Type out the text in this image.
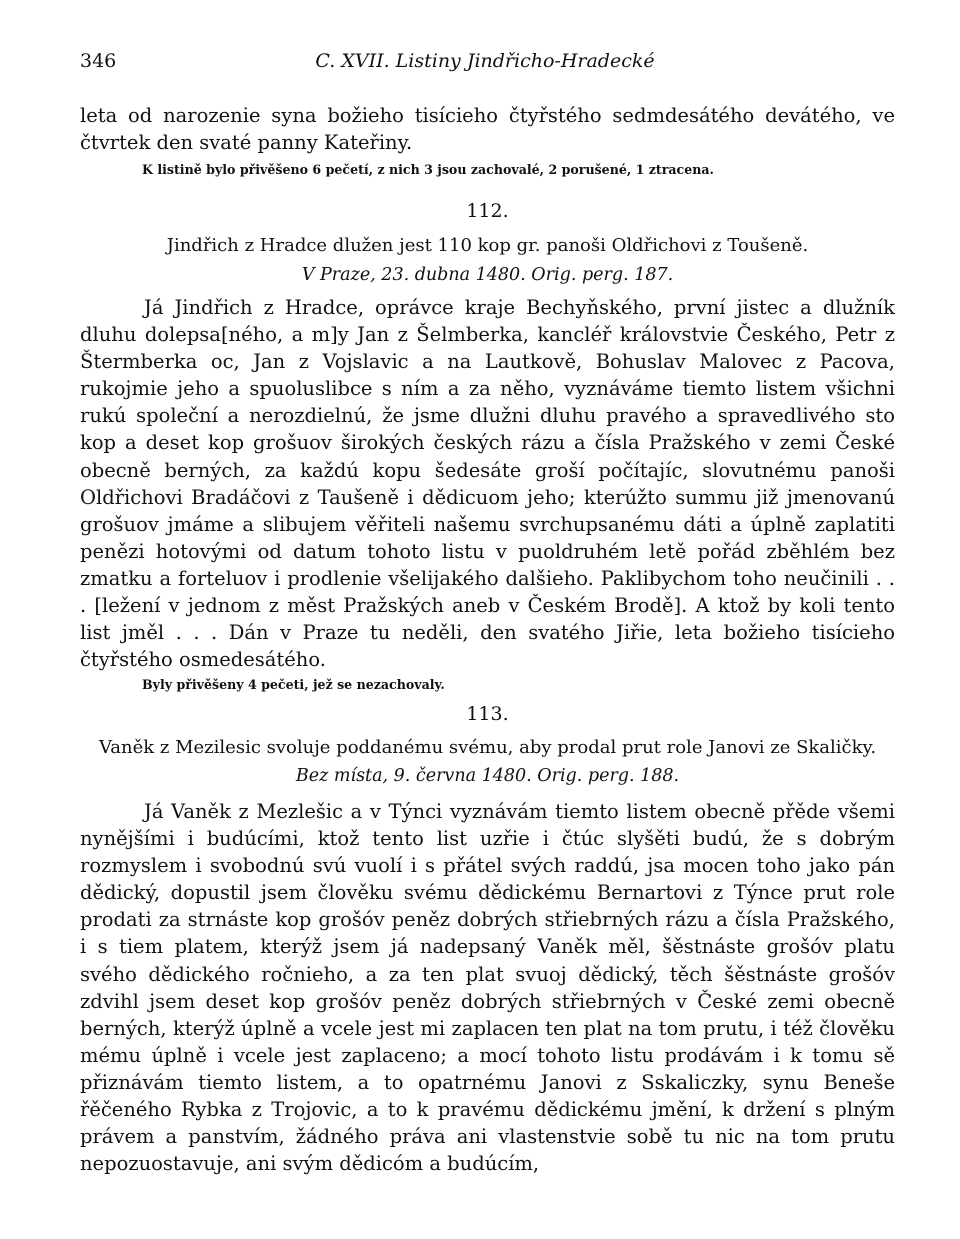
346	C. XVII. Listiny Jindřicho-Hradecké

leta od narozenie syna božieho tisícieho čtyřstého sedmdesátého devátého, ve čtvrtek den svaté panny Kateřiny.

K listině bylo přivěšeno 6 pečetí, z nich 3 jsou zachovalé, 2 porušené, 1 ztracena.

112.
Jindřich z Hradce dlužen jest 110 kop gr. panoši Oldřichovi z Toušeně.
V Praze, 23. dubna 1480. Orig. perg. 187.

Já Jindřich z Hradce, oprávce kraje Bechyňského, první jistec a dlužník dluhu dolepsa[ného, a m]y Jan z Šelmberka, kancléř královstvie Českého, Petr z Štermberka oc, Jan z Vojslavic a na Lautkově, Bohuslav Malovec z Pacova, rukojmie jeho a spuoluslibce s ním a za něho, vyznáváme tiemto listem všichni rukú společní a nerozdielnú, že jsme dlužni dluhu pravého a spravedlivého sto kop a deset kop grošuov širokých českých rázu a čísla Pražského v zemi České obecně berných, za každú kopu šedesáte groší počítajíc, slovutnému panoši Oldřichovi Bradáčovi z Taušeně i dědicuom jeho; kterúžto summu již jmenovanú grošuov jmáme a slibujem věřiteli našemu svrchupsanému dáti a úplně zaplatiti penězi hotovými od datum tohoto listu v puoldruhém letě pořád zběhlém bez zmatku a forteluov i prodlenie všelijakého dalšieho. Paklibychom toho neučinili . . . [ležení v jednom z měst Pražských aneb v Českém Brodě]. A ktož by koli tento list jměl . . . Dán v Praze tu neděli, den svatého Jiřie, leta božieho tisícieho čtyřstého osmedesátého.

Byly přivěšeny 4 pečeti, jež se nezachovaly.

113.
Vaněk z Mezilesic svoluje poddanému svému, aby prodal prut role Janovi ze Skaličky.
Bez místa, 9. června 1480. Orig. perg. 188.

Já Vaněk z Mezlešic a v Týnci vyznávám tiemto listem obecně přěde všemi nynějšími i budúcími, ktož tento list uzřie i čtúc slyšěti budú, že s dobrým rozmyslem i svobodnú svú vuolí i s přátel svých raddú, jsa mocen toho jako pán dědický, dopustil jsem člověku svému dědickému Bernartovi z Týnce prut role prodati za strnáste kop grošóv peněz dobrých střiebrných rázu a čísla Pražského, i s tiem platem, kterýž jsem já nadepsaný Vaněk měl, šěstnáste grošóv platu svého dědického ročnieho, a za ten plat svuoj dědický, těch šěstnáste grošóv zdvihl jsem deset kop grošóv peněz dobrých střiebrných v České zemi obecně berných, kterýž úplně a vcele jest mi zaplacen ten plat na tom prutu, i též člověku mému úplně i vcele jest zaplaceno; a mocí tohoto listu prodávám i k tomu sě přiznávám tiemto listem, a to opatrnému Janovi z Sskaliczky, synu Beneše řěčeného Rybka z Trojovic, a to k pravému dědickému jmění, k držení s plným právem a panstvím, žádného práva ani vlastenstvie sobě tu nic na tom prutu nepozuostavuje, ani svým dědicóm a budúcím,
